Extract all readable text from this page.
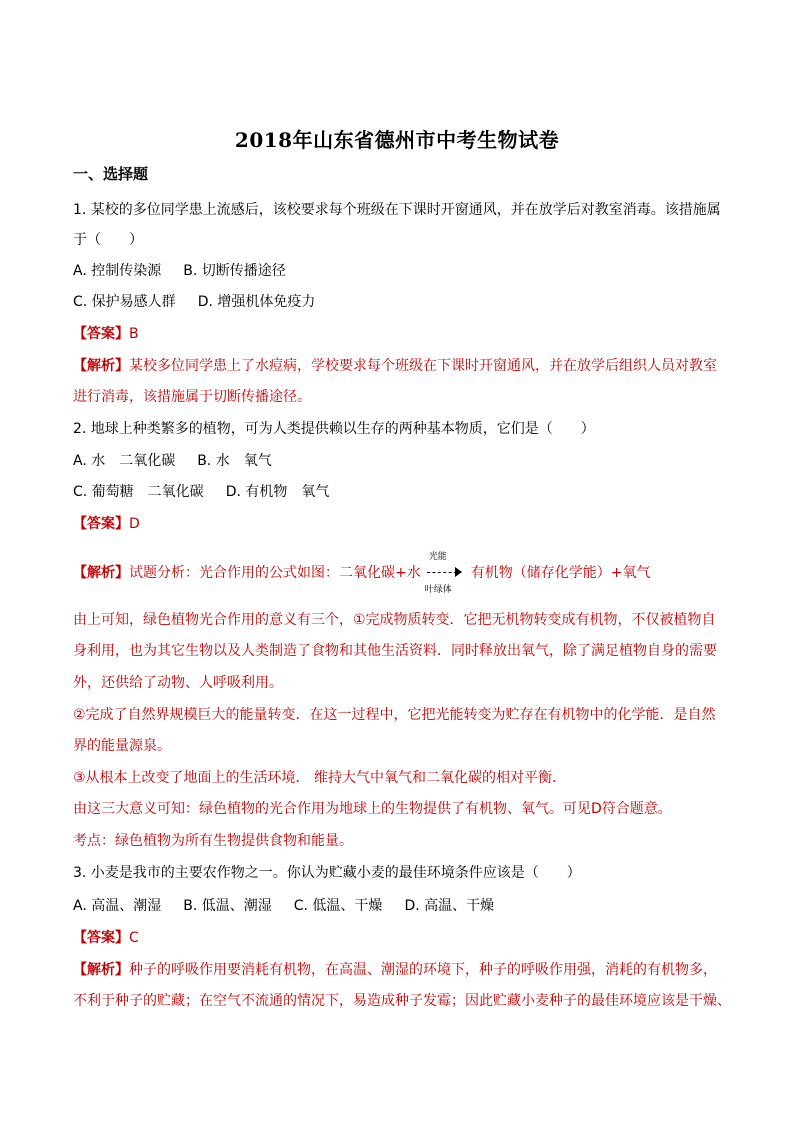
2018年山东省德州市中考生物试卷
一、选择题
1. 某校的多位同学患上流感后，该校要求每个班级在下课时开窗通风，并在放学后对教室消毒。该措施属
于（　　）
A. 控制传染源 B. 切断传播途径
C. 保护易感人群 D. 增强机体免疫力
【答案】B
【解析】某校多位同学患上了水痘病，学校要求每个班级在下课时开窗通风，并在放学后组织人员对教室
进行消毒，该措施属于切断传播途径。
2. 地球上种类繁多的植物，可为人类提供赖以生存的两种基本物质，它们是（　　）
A. 水　二氧化碳 B. 水　氧气
C. 葡萄糖　二氧化碳 D. 有机物　氧气
【答案】D
【解析】试题分析：光合作用的公式如图：二氧化碳+水
光能
叶绿体
有机物（储存化学能）+氧气
由上可知，绿色植物光合作用的意义有三个，①完成物质转变．它把无机物转变成有机物，不仅被植物自
身利用，也为其它生物以及人类制造了食物和其他生活资料．同时释放出氧气，除了满足植物自身的需要
外，还供给了动物、人呼吸利用。
②完成了自然界规模巨大的能量转变．在这一过程中，它把光能转变为贮存在有机物中的化学能．是自然
界的能量源泉。
③从根本上改变了地面上的生活环境． 维持大气中氧气和二氧化碳的相对平衡．
由这三大意义可知：绿色植物的光合作用为地球上的生物提供了有机物、氧气。可见D符合题意。
考点：绿色植物为所有生物提供食物和能量。
3. 小麦是我市的主要农作物之一。你认为贮藏小麦的最佳环境条件应该是（　　）
A. 高温、潮湿 B. 低温、潮湿 C. 低温、干燥 D. 高温、干燥
【答案】C
【解析】种子的呼吸作用要消耗有机物，在高温、潮湿的环境下，种子的呼吸作用强，消耗的有机物多，
不利于种子的贮藏；在空气不流通的情况下，易造成种子发霉；因此贮藏小麦种子的最佳环境应该是干燥、
